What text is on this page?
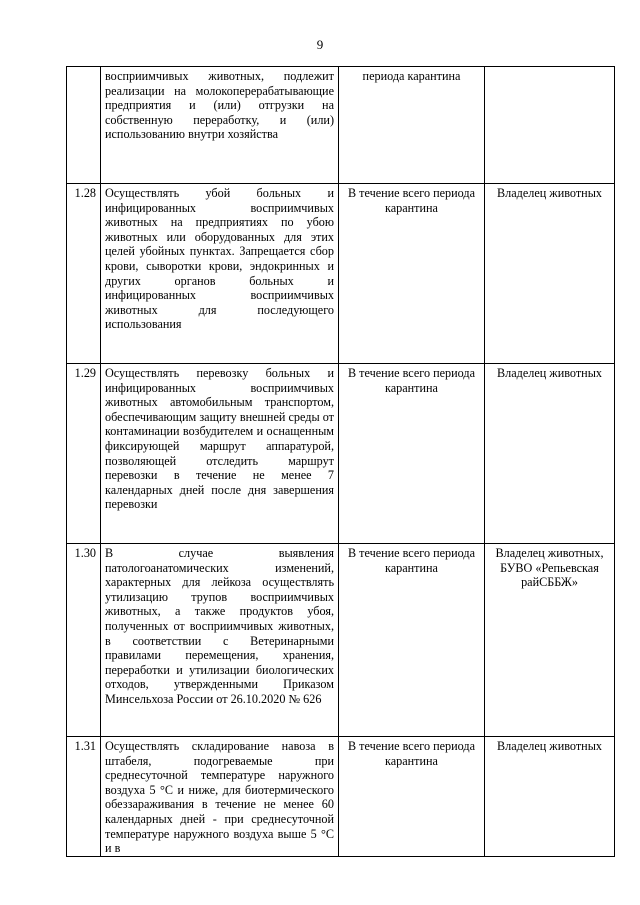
9
	восприимчивых животных, подлежит реализации на молокоперерабатывающие предприятия и (или) отгрузки на собственную переработку, и (или) использованию внутри хозяйства	периода карантина	
1.28	Осуществлять убой больных и инфицированных восприимчивых животных на предприятиях по убою животных или оборудованных для этих целей убойных пунктах. Запрещается сбор крови, сыворотки крови, эндокринных и других органов больных и инфицированных восприимчивых животных для последующего использования	В течение всего периода карантина	Владелец животных
1.29	Осуществлять перевозку больных и инфицированных восприимчивых животных автомобильным транспортом, обеспечивающим защиту внешней среды от контаминации возбудителем и оснащенным фиксирующей маршрут аппаратурой, позволяющей отследить маршрут перевозки в течение не менее 7 календарных дней после дня завершения перевозки	В течение всего периода карантина	Владелец животных
1.30	В случае выявления патологоанатомических изменений, характерных для лейкоза осуществлять утилизацию трупов восприимчивых животных, а также продуктов убоя, полученных от восприимчивых животных, в соответствии с Ветеринарными правилами перемещения, хранения, переработки и утилизации биологических отходов, утвержденными Приказом Минсельхоза России от 26.10.2020 № 626	В течение всего периода карантина	Владелец животных, БУВО «Репьевская райСББЖ»
1.31	Осуществлять складирование навоза в штабеля, подогреваемые при среднесуточной температуре наружного воздуха 5 °С и ниже, для биотермического обеззараживания в течение не менее 60 календарных дней - при среднесуточной температуре наружного воздуха выше 5 °С и в	В течение всего периода карантина	Владелец животных
